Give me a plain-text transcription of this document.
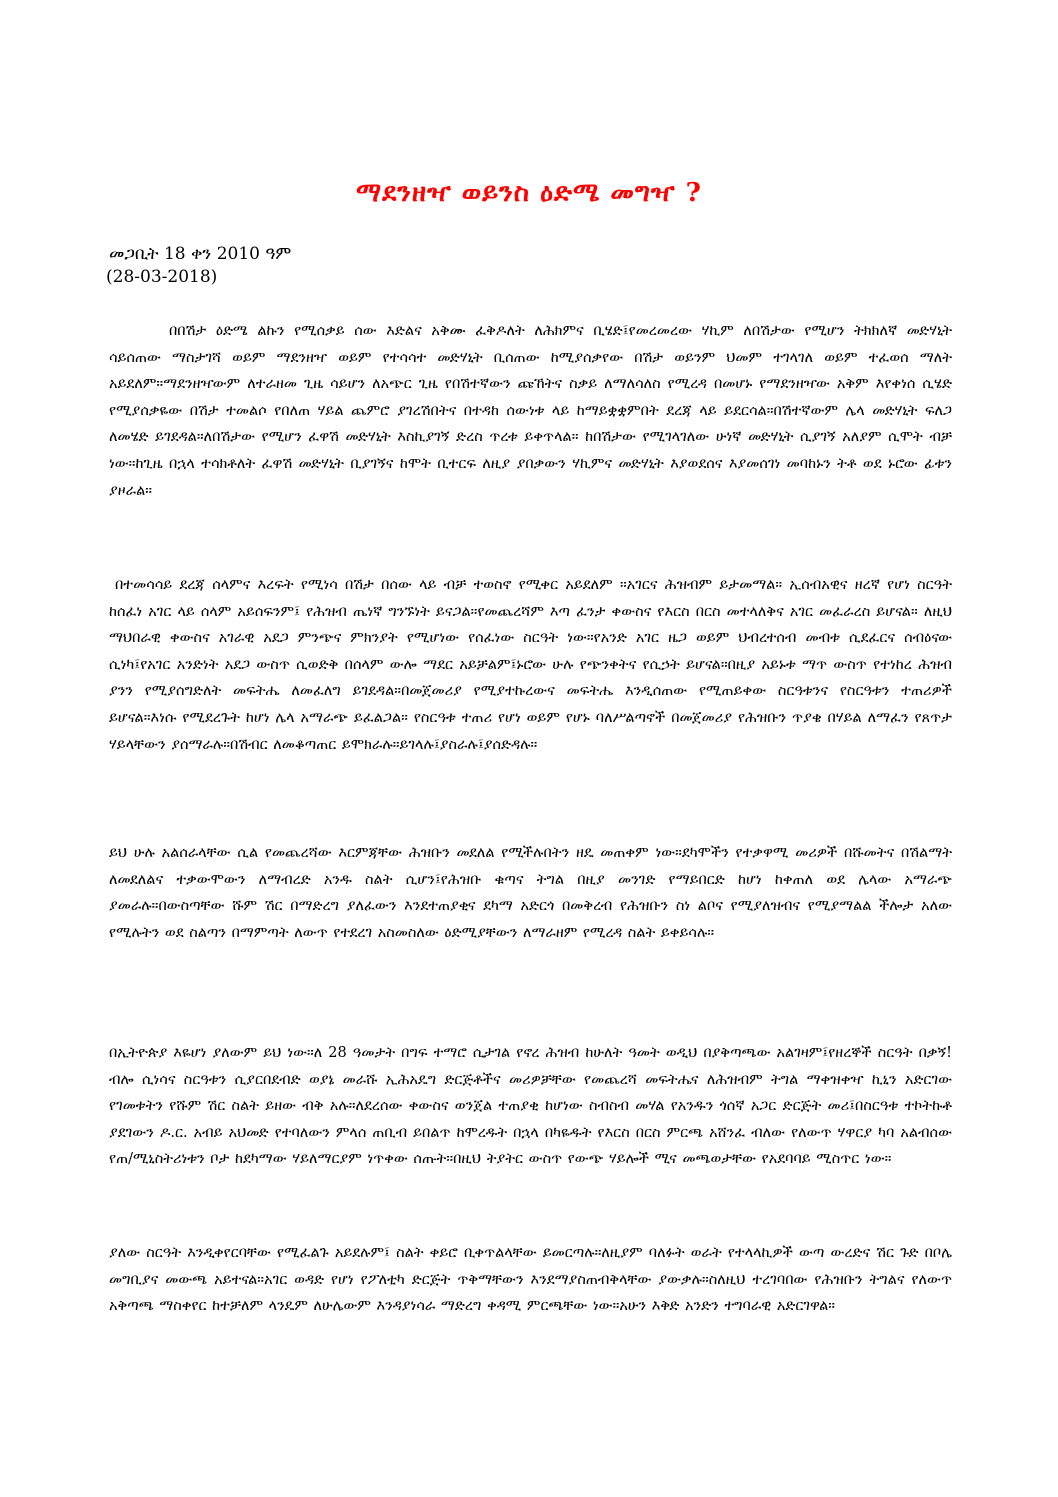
ማደንዘዣ ወይንስ ዕድሜ መግዣ ?
መጋቢት 18 ቀን 2010 ዓም
(28-03-2018)
በበሽታ ዕድሜ ልኩን የሚሰቃይ ሰው እድልና አቅሙ ፈቅዶለት ለሕክምና ቢሄድ፤የመረመረው ሃኪም ለበሽታው የሚሆን ትክክለኛ መድሃኒት ሳይሰጠው ማስታገሻ ወይም ማደንዘዣ ወይም የተሳሳተ መድሃኒት ቢሰጠው ከሚያሰቃየው በሽታ ወይንም ህመም ተገላገለ ወይም ተፈወሰ ማለት አይደለም።ማደንዘዣውም ለተራዘመ ጊዜ ሳይሆን ለአጭር ጊዜ የበሽተኛውን ጩኸትና ስቃይ ለማለሳለስ የሚረዳ በመሆኑ የማደንዘዣው አቅም እየቀነሰ ሲሄድ የሚያሰቃዬው በሽታ ተመልሶ የበለጠ ሃይል ጨምሮ ያገረሽበትና በተዳከ ሰውነቱ ላይ ከማይቋቋምበት ደረጃ ላይ ይደርሳል።በሽተኛውም ሌላ መድሃኒት ፍለጋ ለመሄድ ይገደዳል።ለበሽታው የሚሆን ፈዋሽ መድሃኒት እስኪያገኝ ድረስ ጥረቱ ይቀጥላል። ከበሽታው የሚገላገለው ሁነኛ መድሃኒት ሲያገኝ አለያም ሲሞት ብቻ ነው።ከጊዜ በኋላ ተሳክቶለት ፈዋሽ መድሃኒት ቢያገኝና ከሞት ቢተርፍ ለዚያ ያበቃውን ሃኪምና መድሃኒት እያወደሰና እያመሰገነ መባከኑን ትቶ ወደ ኑሮው ፊቱን ያዞራል።
በተመሳሳይ ደረጃ ሰላምና እረፍት የሚነሳ በሽታ በሰው ላይ ብቻ ተወስኖ የሚቀር አይደለም ።አገርና ሕዝብም ይታመማል። ኢሰብአዊና ዘረኛ የሆነ ስርዓት ከሰፈነ አገር ላይ ሰላም አይሰፍንም፤ የሕዝብ ጤነኛ ግንኙነት ይናጋል።የመጨረሻም እጣ ፈንታ ቀውስና የእርስ በርስ መተላለቅና አገር መፈራረስ ይሆናል። ለዚህ ማህበራዊ ቀውስና አገራዊ አደጋ ምንጭና ምክንያት የሚሆነው የሰፈነው ስርዓት ነው።የአንድ አገር ዜጋ ወይም ህብረተሰብ መብቱ ሲደፈርና ሰብዕናው ሲነካ፤የአገር አንድነት አደጋ ውስጥ ሲወድቅ በሰላም ውሎ ማደር አይቻልም፤ኑሮው ሁሉ የጭንቀትና የሲኃት ይሆናል።በዚያ አይኑቱ ማጥ ውስጥ የተነከረ ሕዝብ ያንን የሚያሰግድለት መፍትሔ ለመፈለግ ይገደዳል።በመጀመሪያ የሚያተኩረውና መፍትሔ እንዲሰጠው የሚጠይቀው ስርዓቱንና የስርዓቱን ተጠሪዎች ይሆናል።እነሱ የሚደረጉት ከሆነ ሌላ አማራጭ ይፈልጋል። የስርዓቱ ተጠሪ የሆነ ወይም የሆኑ ባለሥልጣኖች በመጀመሪያ የሕዝቡን ጥያቄ በሃይል ለማፈን የጸጥታ ሃይላቸውን ያሰማራሉ።በሽብር ለመቆጣጠር ይሞክራሉ።ይገላሉ፤ያስራሉ፤ያሰድዳሉ።
ይህ ሁሉ አልሰራላቸው ሲል የመጨረሻው እርምጃቸው ሕዝቡን መደለል የሚችሉበትን ዘዴ መጠቀም ነው።ደካሞችን የተቃዋሚ መሪዎች በሹመትና በሽልማት ለመደለልና ተቃውሞውን ለማብረድ አንዱ ስልት ሲሆን፤የሕዝቡ ቁጣና ትግል በዚያ መንገድ የማይበርድ ከሆነ ከቀጠለ ወደ ሌላው አማራጭ ያመራሉ።በውስጣቸው ሹም ሽር በማድረግ ያለፈውን እንደተጠያቂና ደካማ አድርጎ በመቅረብ የሕዝቡን ስነ ልቦና የሚያለዝብና የሚያማልል ችሎታ አለው የሚሉትን ወደ ስልጣን በማምጣት ለውጥ የተደረገ አስመስለው ዕድሚያቸውን ለማራዘም የሚረዳ ስልት ይቀይሳሉ።
በኢትዮጵያ እዬሆነ ያለውም ይህ ነው።ለ 28 ዓመታት በግፍ ተማሮ ሲታገል የኖረ ሕዝብ ከሁለት ዓመት ወዲህ በያቅጣጫው አልገዛም፤የዘረኞች ስርዓት በቃኝ! ብሎ ሲነሳና ስርዓቱን ሲያርበደብድ ወያኔ መራሹ ኢሕአዴግ ድርጅቶችና መሪዎቻቸው የመጨረሻ መፍትሔና ለሕዝብም ትግል ማቀዝቀዣ ኪኒን አድርገው የገመቱትን የሹም ሽር ስልት ይዘው ብቅ አሉ።ለደረሰው ቀውስና ወንጀል ተጠያቂ ከሆነው ስብስብ መሃል የአንዱን ጎሰኛ አጋር ድርጅት መሪ፤በስርዓቱ ተኮትኩቶ ያደገውን ዶ.ር. አብይ አህመድ የተባለውን ምላሰ ጠቢብ ይበልጥ ከሞረዱት በኋላ በካዬዱት የእርስ በርስ ምርጫ አሸንፈ ብለው የለውጥ ሃዋርያ ካባ አልብሰው የጠ/ሚኒስትሪነቱን ቦታ ከደካማው ሃይለማርያም ነጥቀው ሰጡት።በዚህ ትያትር ውስጥ የውጭ ሃይሎች ሚና መጫወታቸው የአደባባይ ሚስጥር ነው።
ያለው ስርዓት እንዲቀየርባቸው የሚፈልጉ አይደሉም፤ ስልት ቀይሮ ቢቀጥልላቸው ይመርጣሉ።ለዚያም ባለፉት ወራት የተላላኪዎች ውጣ ውረድና ሽር ጉድ በቦሌ መግቢያና መውጫ አይተናል።አገር ወዳድ የሆነ የፖለቲካ ድርጅት ጥቅማቸውን እንደማያስጠብቅላቸው ያውቃሉ።ስለዚህ ተረገባበው የሕዝቡን ትግልና የለውጥ አቅጣጫ ማስቀየር ከተቻለም ላንዴም ለሁሌውም እንዳያነሳራ ማድረግ ቀዳሚ ምርጫቸው ነው።አሁን እቅድ አንድን ተግባራዊ አድርገዋል።
